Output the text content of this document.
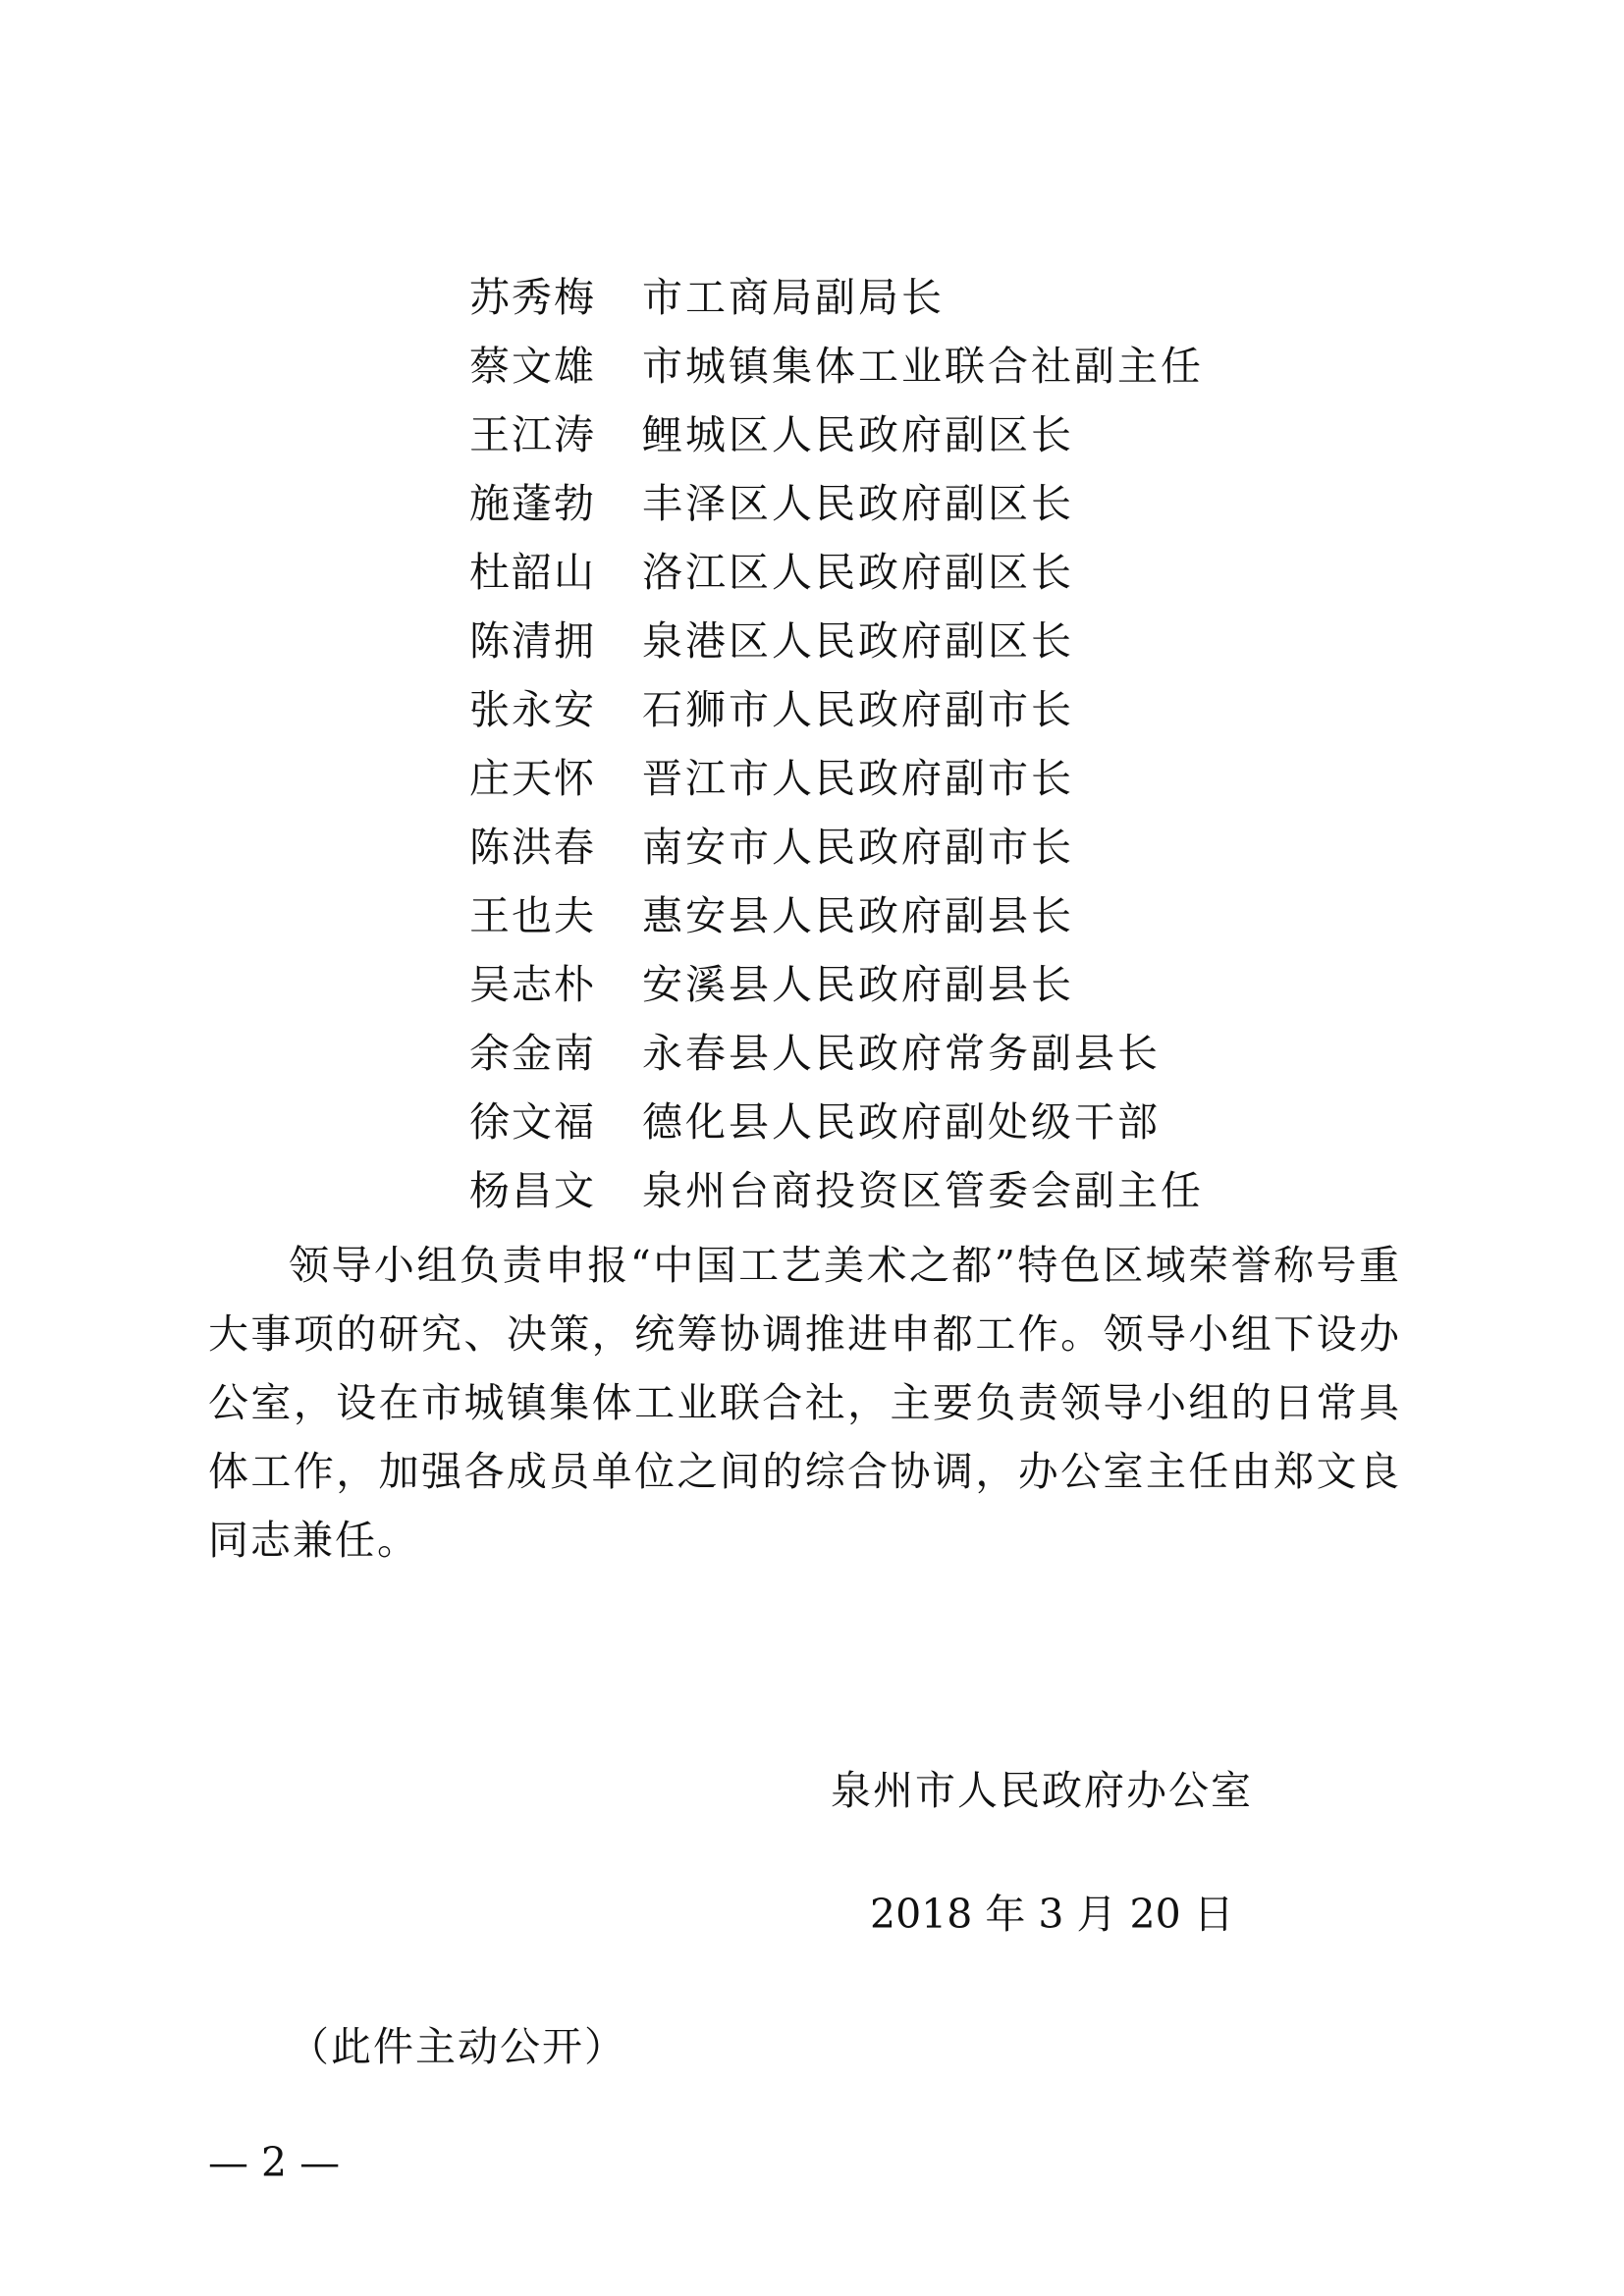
苏秀梅 市工商局副局长
蔡文雄 市城镇集体工业联合社副主任
王江涛 鲤城区人民政府副区长
施蓬勃 丰泽区人民政府副区长
杜韶山 洛江区人民政府副区长
陈清拥 泉港区人民政府副区长
张永安 石狮市人民政府副市长
庄天怀 晋江市人民政府副市长
陈洪春 南安市人民政府副市长
王也夫 惠安县人民政府副县长
吴志朴 安溪县人民政府副县长
余金南 永春县人民政府常务副县长
徐文福 德化县人民政府副处级干部
杨昌文 泉州台商投资区管委会副主任

领导小组负责申报“中国工艺美术之都”特色区域荣誉称号重大事项的研究、决策，统筹协调推进申都工作。领导小组下设办公室，设在市城镇集体工业联合社，主要负责领导小组的日常具体工作，加强各成员单位之间的综合协调，办公室主任由郑文良同志兼任。

泉州市人民政府办公室
2018 年 3 月 20 日
（此件主动公开）
— 2 —
